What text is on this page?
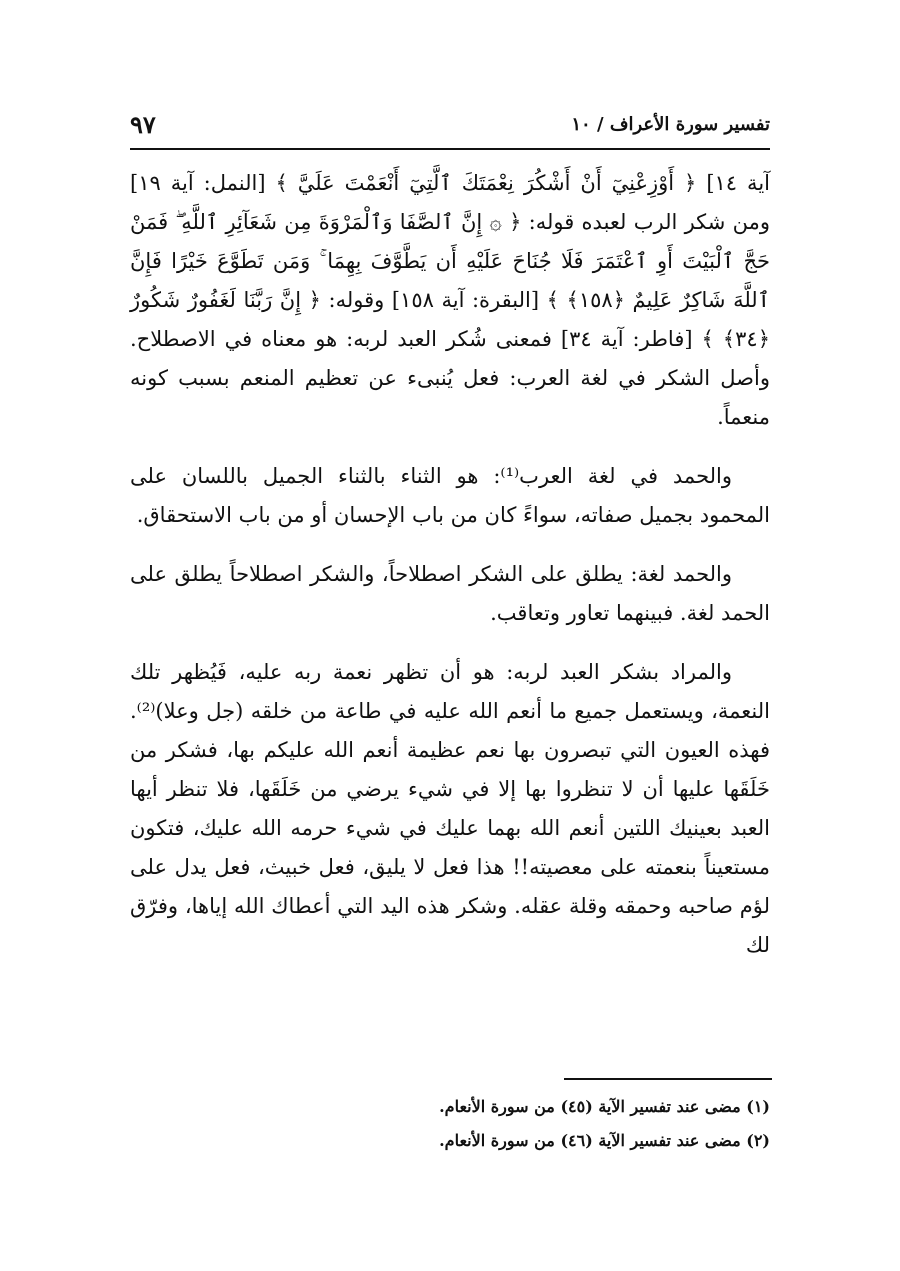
تفسير سورة الأعراف / ١٠
٩٧

آية ١٤] ﴿ أَوْزِعْنِيٓ أَنْ أَشْكُرَ نِعْمَتَكَ ٱلَّتِيٓ أَنْعَمْتَ عَلَيَّ ﴾ [النمل: آية ١٩] ومن شكر الرب لعبده قوله: ﴿ ۞ إِنَّ ٱلصَّفَا وَٱلْمَرْوَةَ مِن شَعَآئِرِ ٱللَّهِ ۖ فَمَنْ حَجَّ ٱلْبَيْتَ أَوِ ٱعْتَمَرَ فَلَا جُنَاحَ عَلَيْهِ أَن يَطَّوَّفَ بِهِمَا ۚ وَمَن تَطَوَّعَ خَيْرًا فَإِنَّ ٱللَّهَ شَاكِرٌ عَلِيمٌ ﴿١٥٨﴾ ﴾ [البقرة: آية ١٥٨] وقوله: ﴿ إِنَّ رَبَّنَا لَغَفُورٌ شَكُورٌ ﴿٣٤﴾ ﴾ [فاطر: آية ٣٤] فمعنى شُكر العبد لربه: هو معناه في الاصطلاح. وأصل الشكر في لغة العرب: فعل يُنبىء عن تعظيم المنعم بسبب كونه منعماً.

والحمد في لغة العرب⁽¹⁾: هو الثناء بالثناء الجميل باللسان على المحمود بجميل صفاته، سواءً كان من باب الإحسان أو من باب الاستحقاق.

والحمد لغة: يطلق على الشكر اصطلاحاً، والشكر اصطلاحاً يطلق على الحمد لغة. فبينهما تعاور وتعاقب.

والمراد بشكر العبد لربه: هو أن تظهر نعمة ربه عليه، فَيُظهر تلك النعمة، ويستعمل جميع ما أنعم الله عليه في طاعة من خلقه (جل وعلا)⁽²⁾. فهذه العيون التي تبصرون بها نعم عظيمة أنعم الله عليكم بها، فشكر من خَلَقَها عليها أن لا تنظروا بها إلا في شيء يرضي من خَلَقَها، فلا تنظر أيها العبد بعينيك اللتين أنعم الله بهما عليك في شيء حرمه الله عليك، فتكون مستعيناً بنعمته على معصيته!! هذا فعل لا يليق، فعل خبيث، فعل يدل على لؤم صاحبه وحمقه وقلة عقله. وشكر هذه اليد التي أعطاك الله إياها، وفرّق لك

(١) مضى عند تفسير الآية (٤٥) من سورة الأنعام.

(٢) مضى عند تفسير الآية (٤٦) من سورة الأنعام.
